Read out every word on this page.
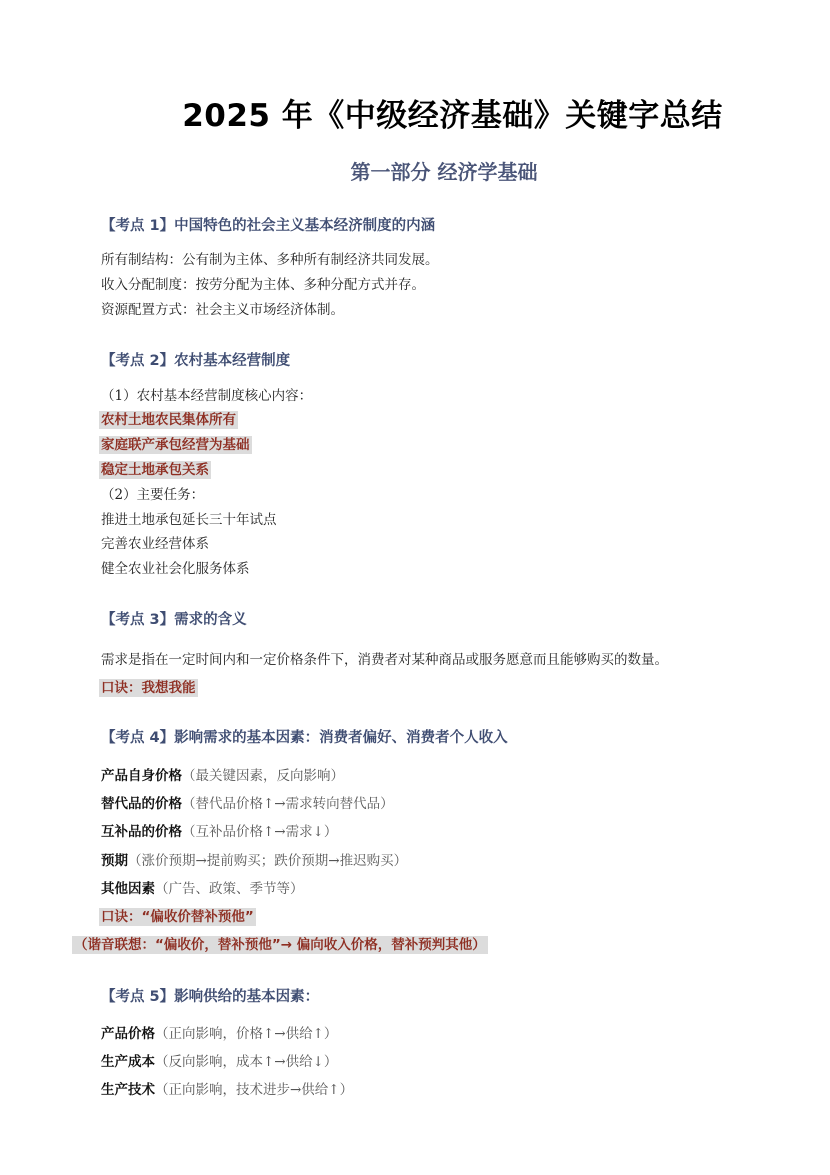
2025 年《中级经济基础》关键字总结
第一部分 经济学基础
【考点 1】中国特色的社会主义基本经济制度的内涵
所有制结构：公有制为主体、多种所有制经济共同发展。
收入分配制度：按劳分配为主体、多种分配方式并存。
资源配置方式：社会主义市场经济体制。
【考点 2】农村基本经营制度
（1）农村基本经营制度核心内容：
农村土地农民集体所有
家庭联产承包经营为基础
稳定土地承包关系
（2）主要任务：
推进土地承包延长三十年试点
完善农业经营体系
健全农业社会化服务体系
【考点 3】需求的含义
需求是指在一定时间内和一定价格条件下，消费者对某种商品或服务愿意而且能够购买的数量。
口诀：我想我能
【考点 4】影响需求的基本因素：消费者偏好、消费者个人收入
产品自身价格（最关键因素，反向影响）
替代品的价格（替代品价格↑→需求转向替代品）
互补品的价格（互补品价格↑→需求↓）
预期（涨价预期→提前购买；跌价预期→推迟购买）
其他因素（广告、政策、季节等）
口诀：“偏收价替补预他”
（谐音联想：“偏收价，替补预他”→ 偏向收入价格，替补预判其他）
【考点 5】影响供给的基本因素：
产品价格（正向影响，价格↑→供给↑）
生产成本（反向影响，成本↑→供给↓）
生产技术（正向影响，技术进步→供给↑）
